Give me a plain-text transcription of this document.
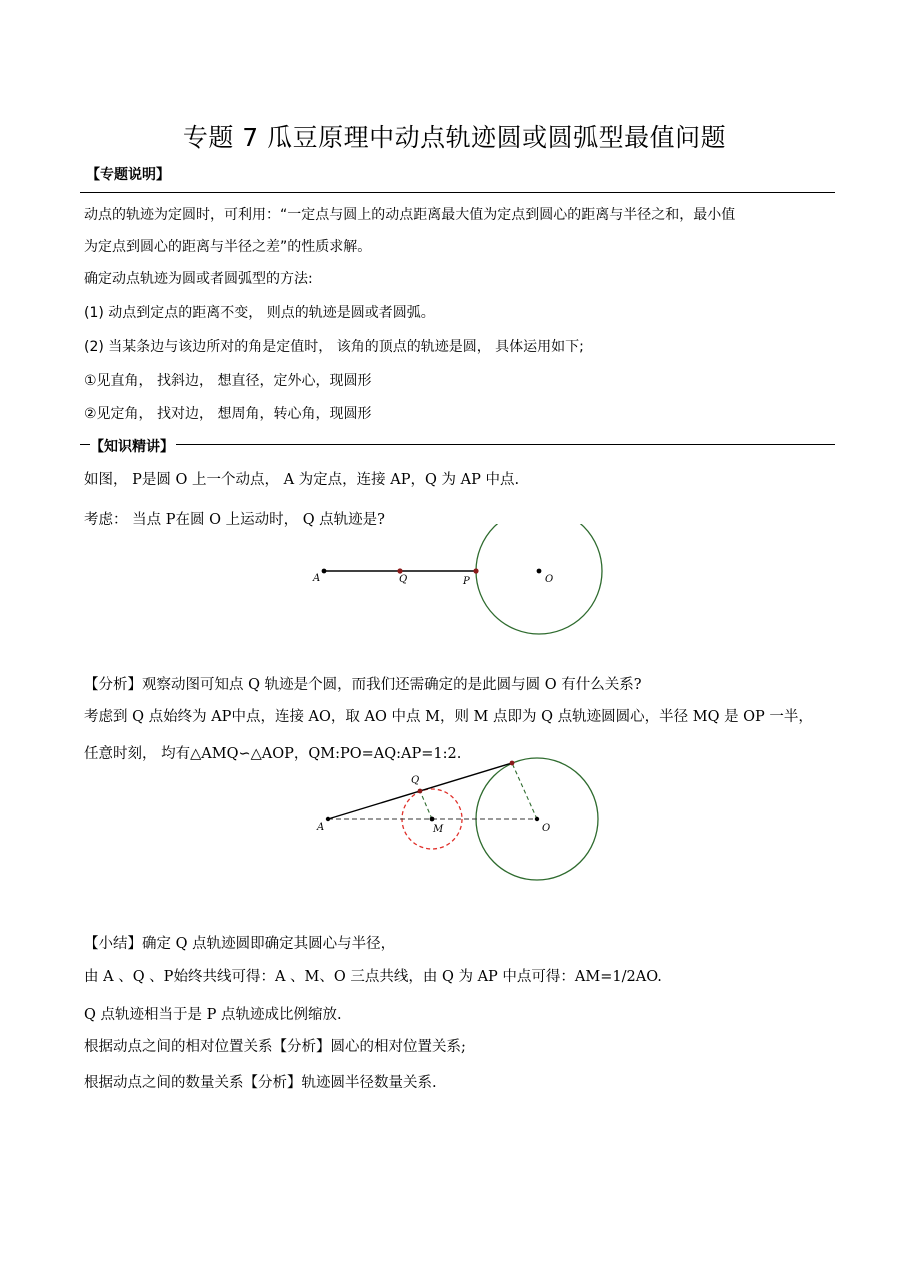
专题 7 瓜豆原理中动点轨迹圆或圆弧型最值问题
【专题说明】
动点的轨迹为定圆时，可利用：“一定点与圆上的动点距离最大值为定点到圆心的距离与半径之和，最小值
为定点到圆心的距离与半径之差”的性质求解。
确定动点轨迹为圆或者圆弧型的方法:
(1) 动点到定点的距离不变， 则点的轨迹是圆或者圆弧。
(2) 当某条边与该边所对的角是定值时， 该角的顶点的轨迹是圆， 具体运用如下;
①见直角， 找斜边， 想直径，定外心，现圆形
②见定角， 找对边， 想周角，转心角，现圆形
【知识精讲】
如图， P是圆 O 上一个动点， A 为定点，连接 AP，Q 为 AP 中点.
考虑： 当点 P在圆 O 上运动时， Q 点轨迹是?
A	Q	P	O
【分析】观察动图可知点 Q 轨迹是个圆，而我们还需确定的是此圆与圆 O 有什么关系?
考虑到 Q 点始终为 AP中点，连接 AO，取 AO 中点 M，则 M 点即为 Q 点轨迹圆圆心，半径 MQ 是 OP 一半，
任意时刻， 均有△AMQ∽△AOP，QM:PO=AQ:AP=1:2.
A
Q
M	O
【小结】确定 Q 点轨迹圆即确定其圆心与半径，
由 A 、Q 、P始终共线可得：A 、M、O 三点共线，由 Q 为 AP 中点可得：AM=1/2AO.
Q 点轨迹相当于是 P 点轨迹成比例缩放.
根据动点之间的相对位置关系【分析】圆心的相对位置关系;
根据动点之间的数量关系【分析】轨迹圆半径数量关系.
